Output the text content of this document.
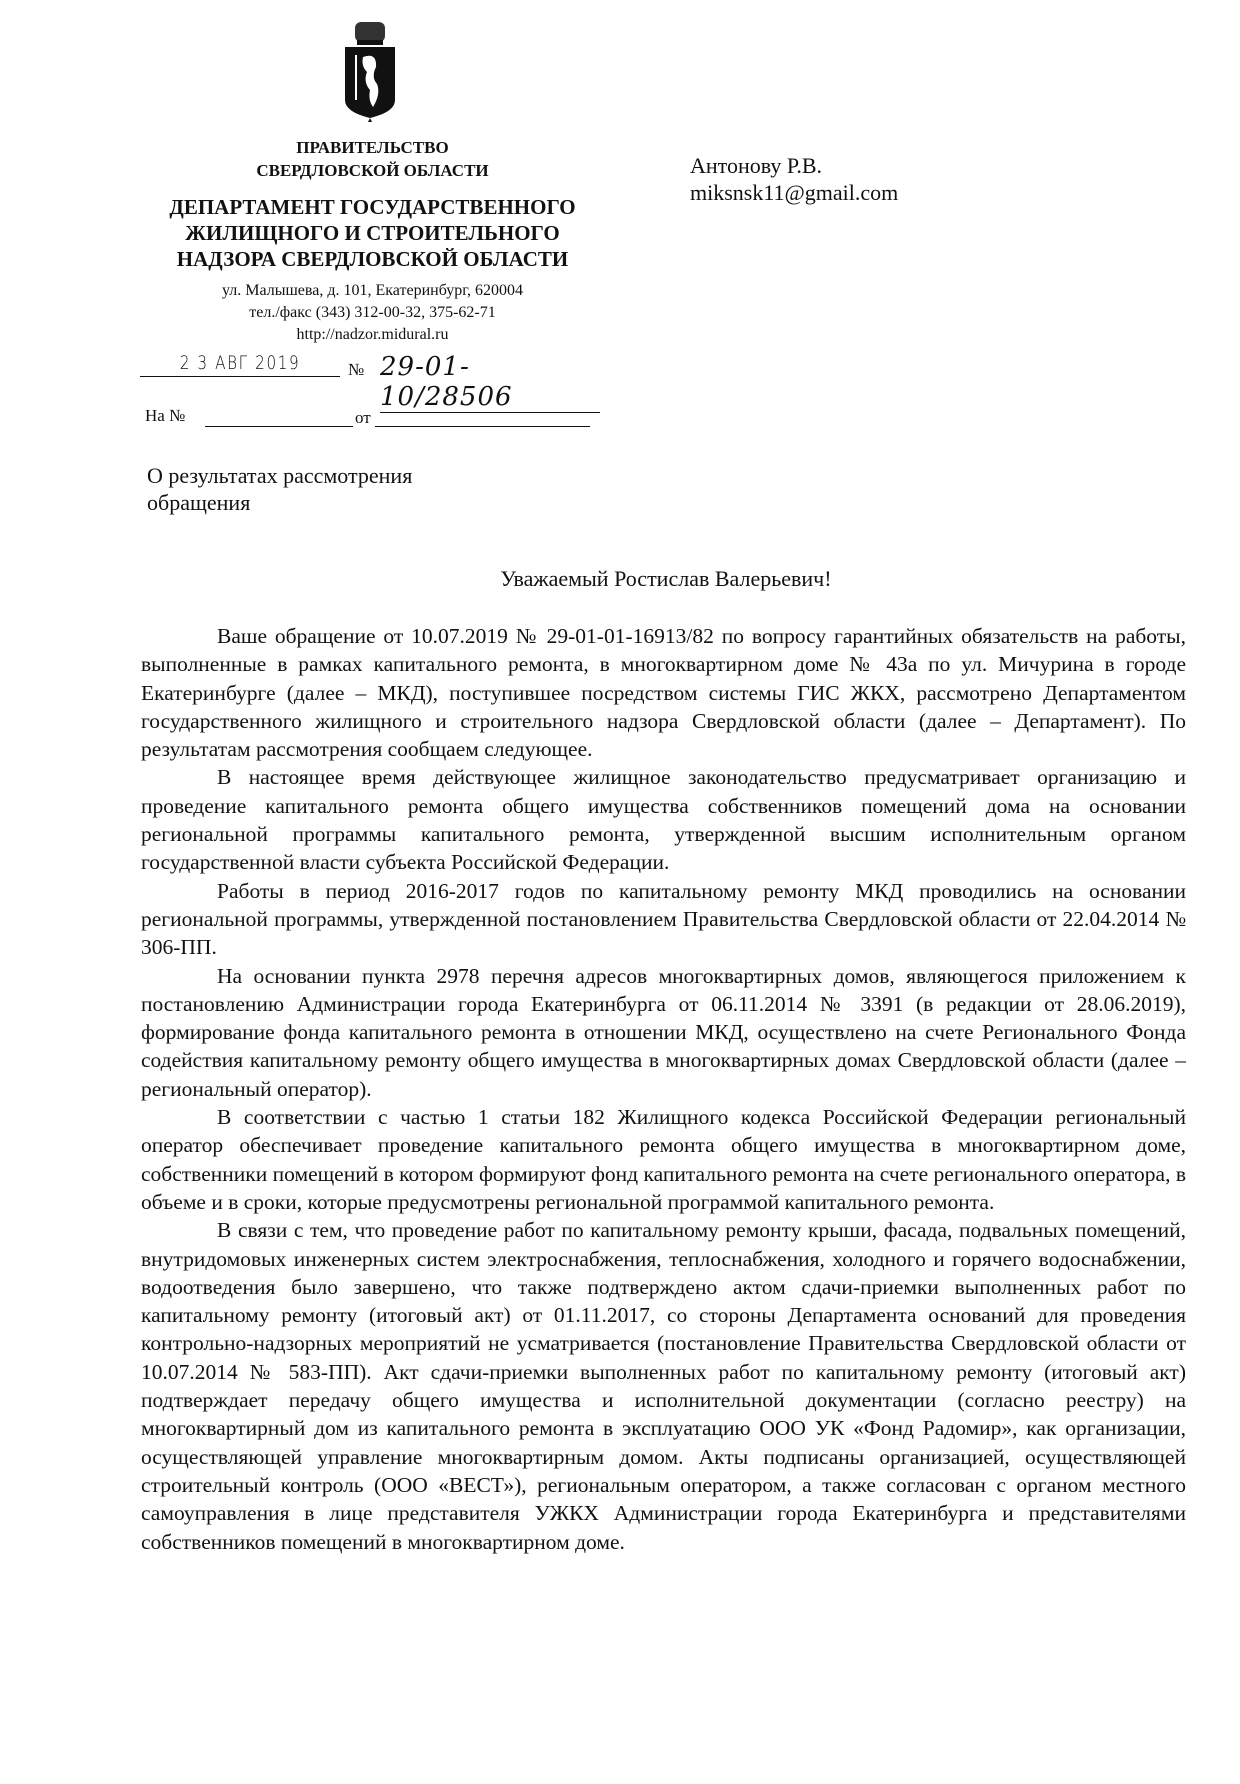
ПРАВИТЕЛЬСТВО
СВЕРДЛОВСКОЙ ОБЛАСТИ
ДЕПАРТАМЕНТ ГОСУДАРСТВЕННОГО
ЖИЛИЩНОГО И СТРОИТЕЛЬНОГО
НАДЗОРА СВЕРДЛОВСКОЙ ОБЛАСТИ
ул. Малышева, д. 101, Екатеринбург, 620004
тел./факс (343) 312-00-32, 375-62-71
http://nadzor.midural.ru
2 3 АВГ 2019	№ 29-01-10/28506
На №	от
Антонову Р.В.
miksnsk11@gmail.com
О результатах рассмотрения
обращения
Уважаемый Ростислав Валерьевич!

Ваше обращение от 10.07.2019 № 29-01-01-16913/82 по вопросу гарантийных обязательств на работы, выполненные в рамках капитального ремонта, в многоквартирном доме № 43а по ул. Мичурина в городе Екатеринбурге (далее – МКД), поступившее посредством системы ГИС ЖКХ, рассмотрено Департаментом государственного жилищного и строительного надзора Свердловской области (далее – Департамент). По результатам рассмотрения сообщаем следующее.

В настоящее время действующее жилищное законодательство предусматривает организацию и проведение капитального ремонта общего имущества собственников помещений дома на основании региональной программы капитального ремонта, утвержденной высшим исполнительным органом государственной власти субъекта Российской Федерации.

Работы в период 2016-2017 годов по капитальному ремонту МКД проводились на основании региональной программы, утвержденной постановлением Правительства Свердловской области от 22.04.2014 № 306-ПП.

На основании пункта 2978 перечня адресов многоквартирных домов, являющегося приложением к постановлению Администрации города Екатеринбурга от 06.11.2014 № 3391 (в редакции от 28.06.2019), формирование фонда капитального ремонта в отношении МКД, осуществлено на счете Регионального Фонда содействия капитальному ремонту общего имущества в многоквартирных домах Свердловской области (далее – региональный оператор).

В соответствии с частью 1 статьи 182 Жилищного кодекса Российской Федерации региональный оператор обеспечивает проведение капитального ремонта общего имущества в многоквартирном доме, собственники помещений в котором формируют фонд капитального ремонта на счете регионального оператора, в объеме и в сроки, которые предусмотрены региональной программой капитального ремонта.

В связи с тем, что проведение работ по капитальному ремонту крыши, фасада, подвальных помещений, внутридомовых инженерных систем электроснабжения, теплоснабжения, холодного и горячего водоснабжении, водоотведения было завершено, что также подтверждено актом сдачи-приемки выполненных работ по капитальному ремонту (итоговый акт) от 01.11.2017, со стороны Департамента оснований для проведения контрольно-надзорных мероприятий не усматривается (постановление Правительства Свердловской области от 10.07.2014 № 583-ПП). Акт сдачи-приемки выполненных работ по капитальному ремонту (итоговый акт) подтверждает передачу общего имущества и исполнительной документации (согласно реестру) на многоквартирный дом из капитального ремонта в эксплуатацию ООО УК «Фонд Радомир», как организации, осуществляющей управление многоквартирным домом. Акты подписаны организацией, осуществляющей строительный контроль (ООО «ВЕСТ»), региональным оператором, а также согласован с органом местного самоуправления в лице представителя УЖКХ Администрации города Екатеринбурга и представителями собственников помещений в многоквартирном доме.
